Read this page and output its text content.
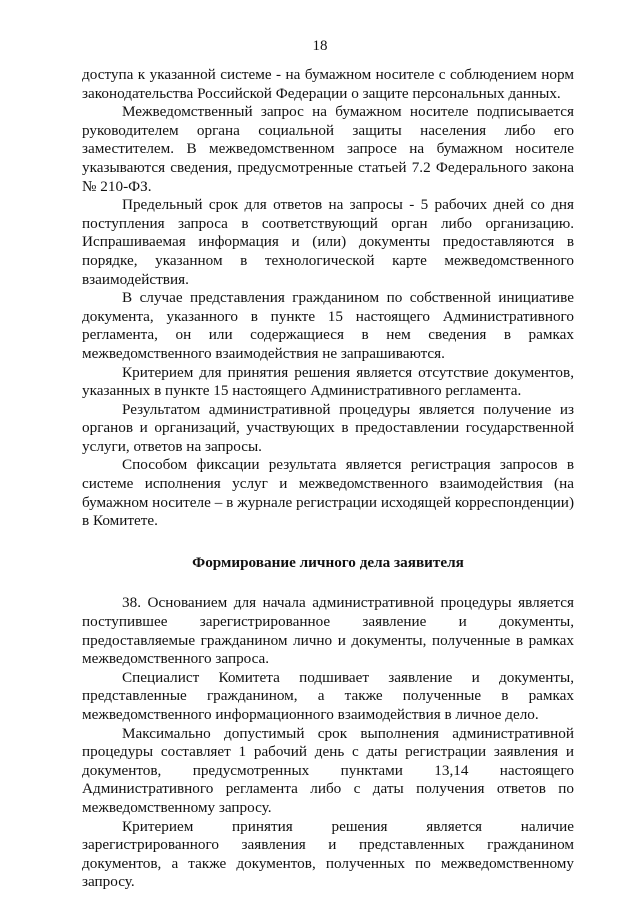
18

доступа к указанной системе - на бумажном носителе с соблюдением норм законодательства Российской Федерации о защите персональных данных.

Межведомственный запрос на бумажном носителе подписывается руководителем органа социальной защиты населения либо его заместителем. В межведомственном запросе на бумажном носителе указываются сведения, предусмотренные статьей 7.2 Федерального закона № 210-ФЗ.

Предельный срок для ответов на запросы - 5 рабочих дней со дня поступления запроса в соответствующий орган либо организацию. Испрашиваемая информация и (или) документы предоставляются в порядке, указанном в технологической карте межведомственного взаимодействия.

В случае представления гражданином по собственной инициативе документа, указанного в пункте 15 настоящего Административного регламента, он или содержащиеся в нем сведения в рамках межведомственного взаимодействия не запрашиваются.

Критерием для принятия решения является отсутствие документов, указанных в пункте 15 настоящего Административного регламента.

Результатом административной процедуры является получение из органов и организаций, участвующих в предоставлении государственной услуги, ответов на запросы.

Способом фиксации результата является регистрация запросов в системе исполнения услуг и межведомственного взаимодействия (на бумажном носителе – в журнале регистрации исходящей корреспонденции) в Комитете.

Формирование личного дела заявителя

38. Основанием для начала административной процедуры является поступившее зарегистрированное заявление и документы, предоставляемые гражданином лично и документы, полученные в рамках межведомственного запроса.

Специалист Комитета подшивает заявление и документы, представленные гражданином, а также полученные в рамках межведомственного информационного взаимодействия в личное дело.

Максимально допустимый срок выполнения административной процедуры составляет 1 рабочий день с даты регистрации заявления и документов, предусмотренных пунктами 13,14 настоящего Административного регламента либо с даты получения ответов по межведомственному запросу.

Критерием принятия решения является наличие зарегистрированного заявления и представленных гражданином документов, а также документов, полученных по межведомственному запросу.
